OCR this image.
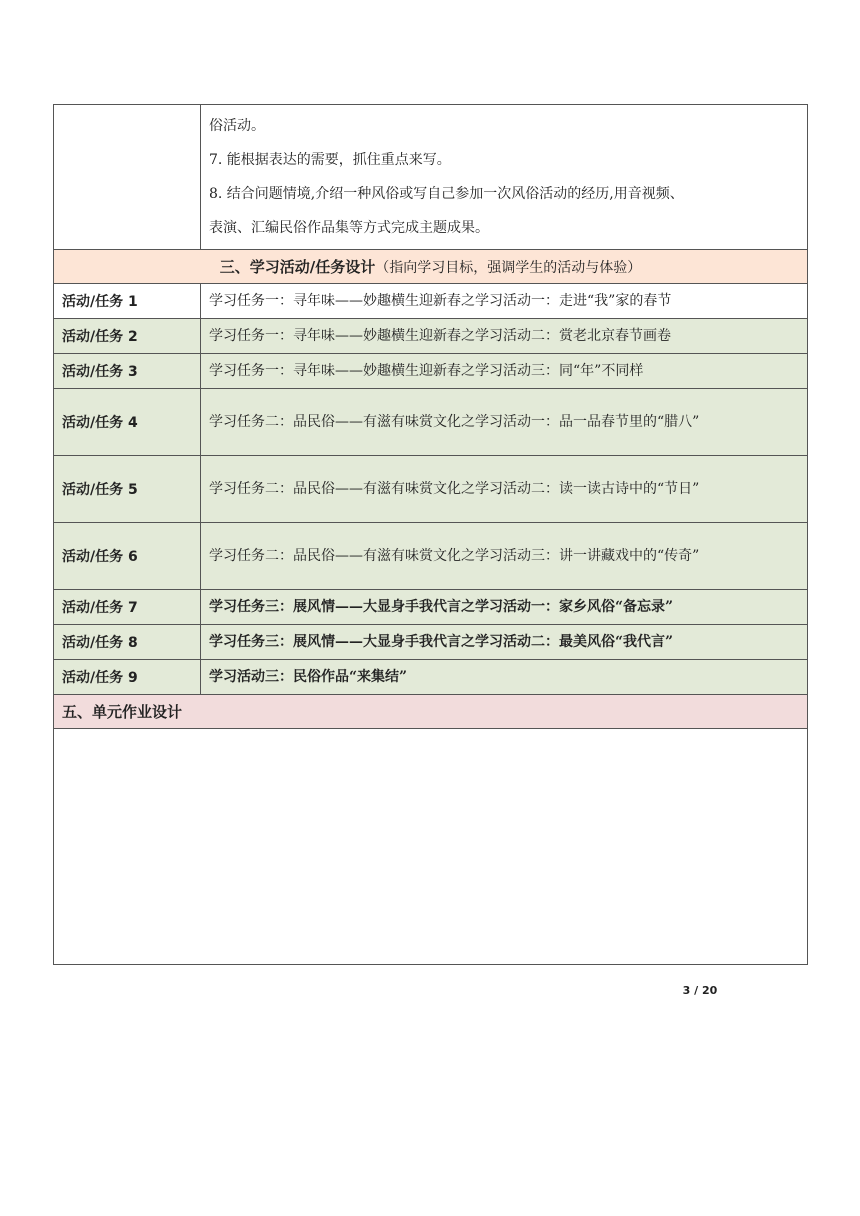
	俗活动。
7. 能根据表达的需要，抓住重点来写。
8. 结合问题情境,介绍一种风俗或写自己参加一次风俗活动的经历,用音视频、
表演、汇编民俗作品集等方式完成主题成果。

三、学习活动/任务设计（指向学习目标，强调学生的活动与体验）	
活动/任务 1	学习任务一：寻年味——妙趣横生迎新春之学习活动一：走进“我”家的春节
活动/任务 2	学习任务一：寻年味——妙趣横生迎新春之学习活动二：赏老北京春节画卷
活动/任务 3	学习任务一：寻年味——妙趣横生迎新春之学习活动三：同“年”不同样
活动/任务 4	学习任务二：品民俗——有滋有味赏文化之学习活动一：品一品春节里的“腊八”
活动/任务 5	学习任务二：品民俗——有滋有味赏文化之学习活动二：读一读古诗中的“节日”
活动/任务 6	学习任务二：品民俗——有滋有味赏文化之学习活动三：讲一讲藏戏中的“传奇”
活动/任务 7	学习任务三：展风情——大显身手我代言之学习活动一：家乡风俗“备忘录”
活动/任务 8	学习任务三：展风情——大显身手我代言之学习活动二：最美风俗“我代言”
活动/任务 9	学习活动三：民俗作品“来集结”
五、单元作业设计	

3 / 20
